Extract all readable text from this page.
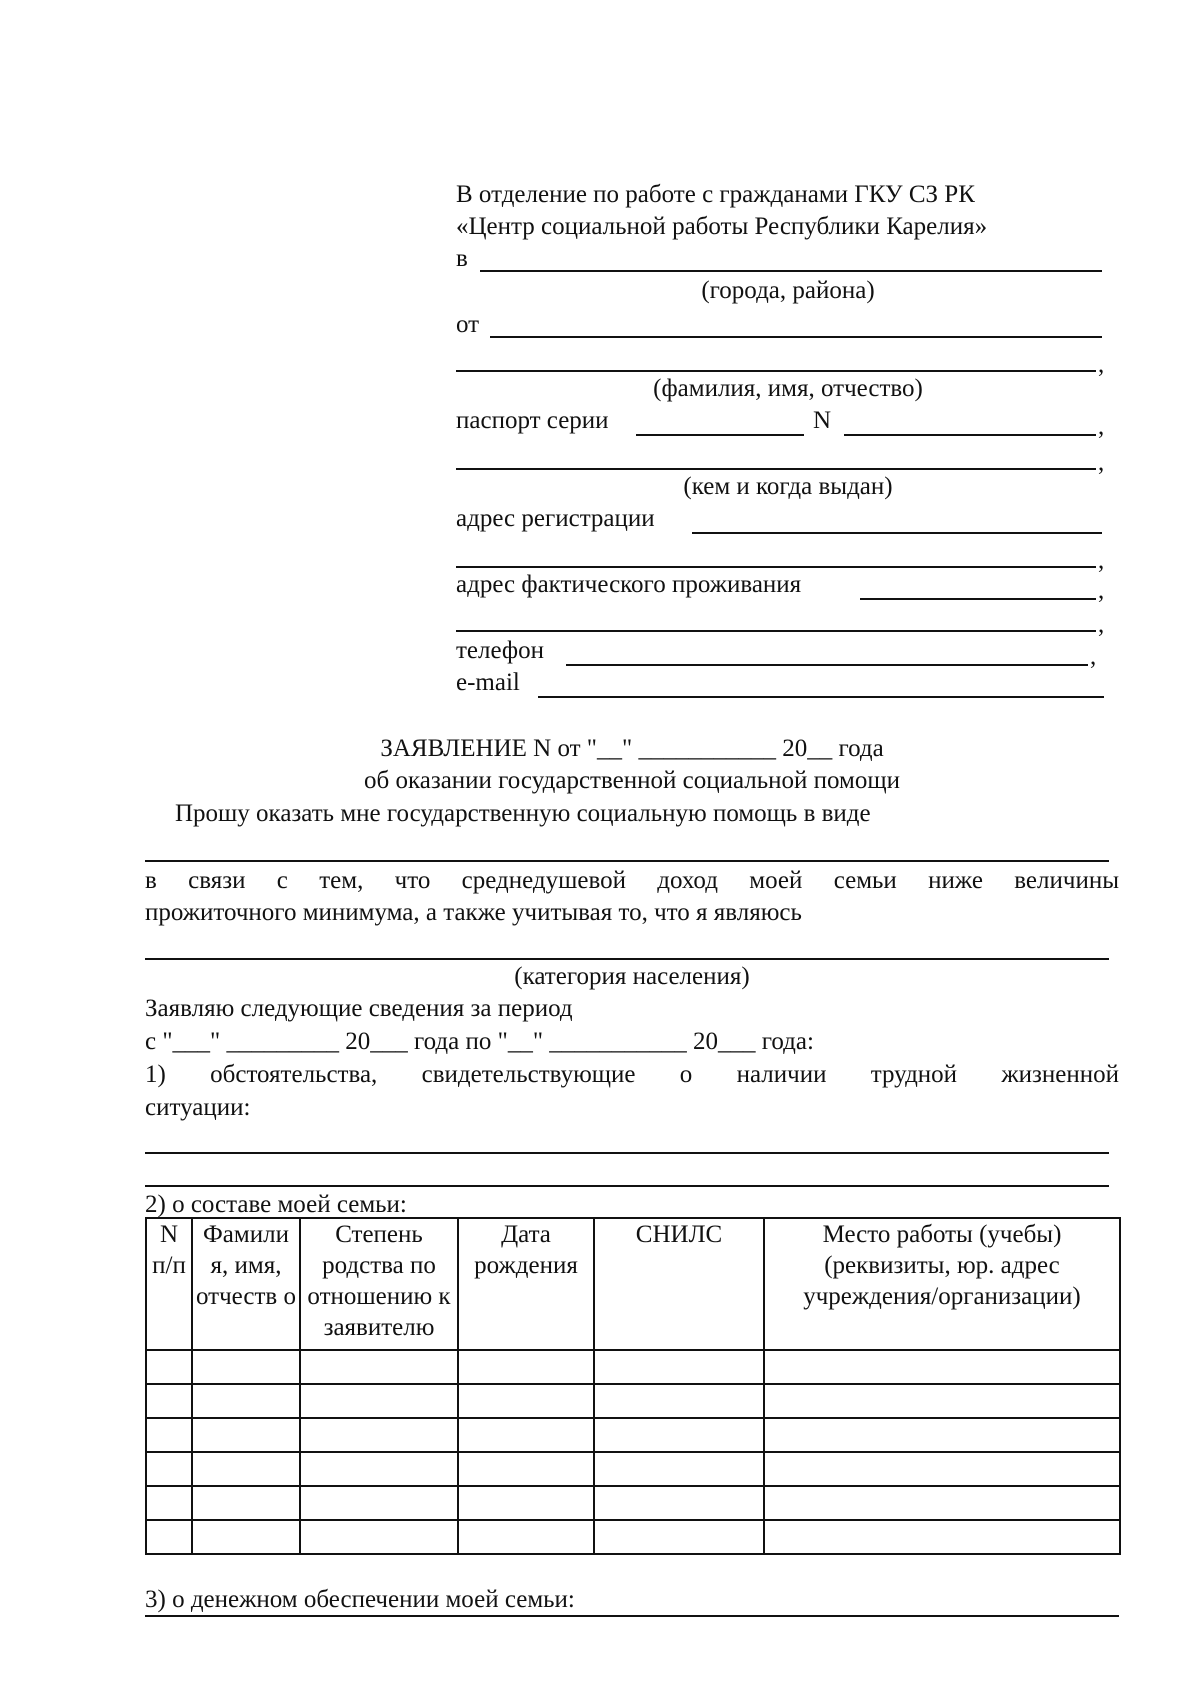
В отделение по работе с гражданами ГКУ СЗ РК
«Центр социальной работы Республики Карелия»
в
(города, района)
от
,
(фамилия, имя, отчество)
паспорт серии	N	,
,
(кем и когда выдан)
адрес регистрации
,
адрес фактического проживания	,
,
телефон	,
e-mail
ЗАЯВЛЕНИЕ N от "__" ___________ 20__ года
об оказании государственной социальной помощи
Прошу оказать мне государственную социальную помощь в виде
в связи с тем, что среднедушевой доход моей семьи ниже величины
прожиточного минимума, а также учитывая то, что я являюсь
(категория населения)
Заявляю следующие сведения за период
с "___" _________ 20___ года по "__" ___________ 20___ года:
1) обстоятельства, свидетельствующие о наличии трудной жизненной
ситуации:
2) о составе моей семьи:
N п/п	Фамили я, имя, отчеств о	Степень родства по отношению к заявителю	Дата рождения	СНИЛС	Место работы (учебы) (реквизиты, юр. адрес учреждения/организации)

3) о денежном обеспечении моей семьи:
